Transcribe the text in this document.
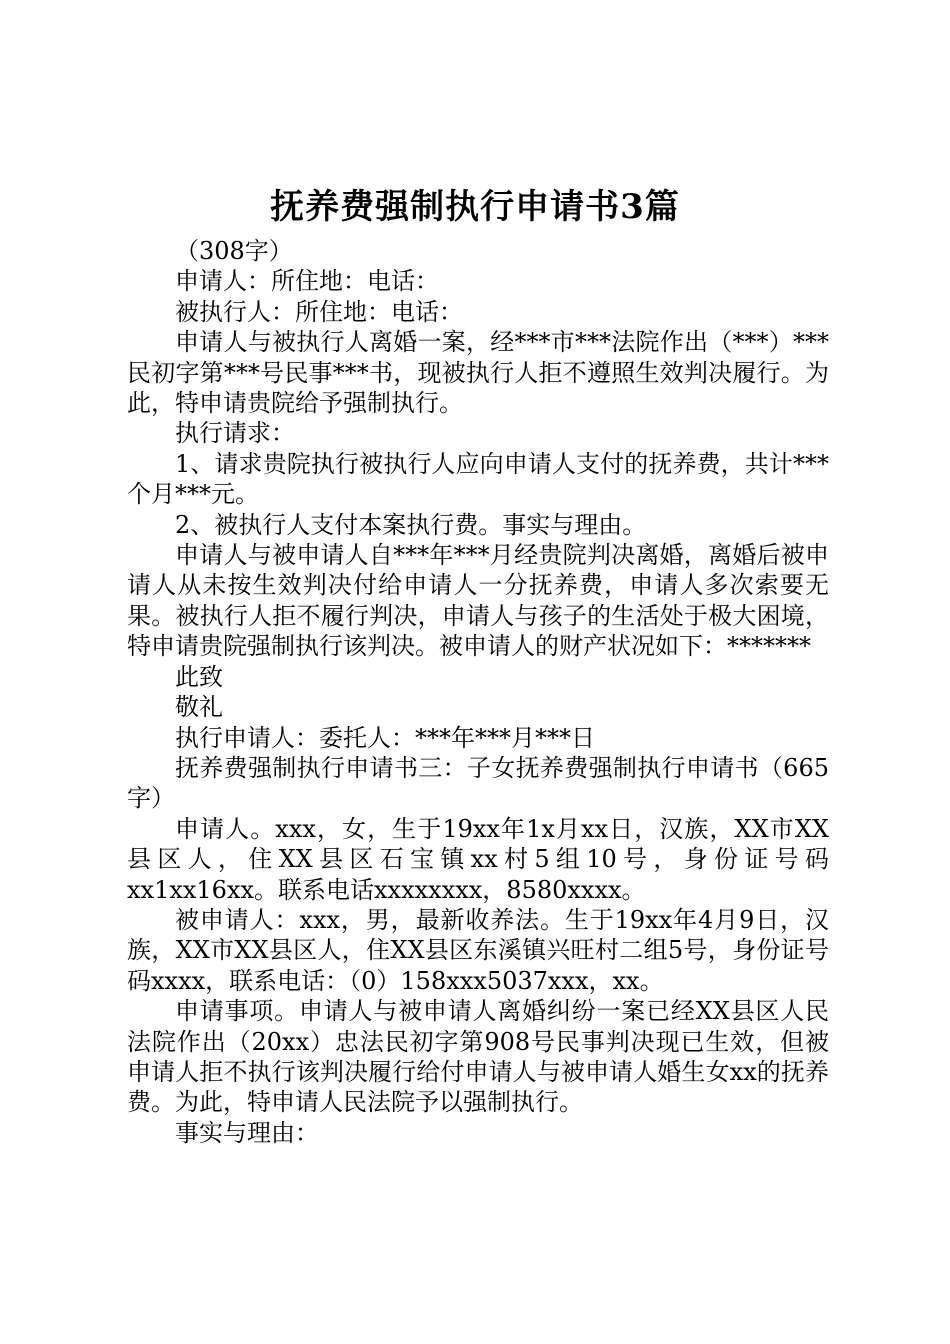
抚养费强制执行申请书3篇

（308字）

申请人：所住地：电话：

被执行人：所住地：电话：

申请人与被执行人离婚一案，经***市***法院作出（***）***民初字第***号民事***书，现被执行人拒不遵照生效判决履行。为此，特申请贵院给予强制执行。

执行请求：

1、请求贵院执行被执行人应向申请人支付的抚养费，共计***个月***元。

2、被执行人支付本案执行费。事实与理由。

申请人与被申请人自***年***月经贵院判决离婚，离婚后被申请人从未按生效判决付给申请人一分抚养费，申请人多次索要无果。被执行人拒不履行判决，申请人与孩子的生活处于极大困境，特申请贵院强制执行该判决。被申请人的财产状况如下：*******

此致

敬礼

执行申请人：委托人：***年***月***日

抚养费强制执行申请书三：子女抚养费强制执行申请书（665字）

申请人。xxx，女，生于19xx年1x月xx日，汉族，XX市XX县区人，住XX县区石宝镇xx村5组10号，身份证号码xx1xx16xx。联系电话xxxxxxxx，8580xxxx。

被申请人：xxx，男，最新收养法。生于19xx年4月9日，汉族，XX市XX县区人，住XX县区东溪镇兴旺村二组5号，身份证号码xxxx，联系电话：（0）158xxx5037xxx，xx。

申请事项。申请人与被申请人离婚纠纷一案已经XX县区人民法院作出（20xx）忠法民初字第908号民事判决现已生效，但被申请人拒不执行该判决履行给付申请人与被申请人婚生女xx的抚养费。为此，特申请人民法院予以强制执行。

事实与理由：
